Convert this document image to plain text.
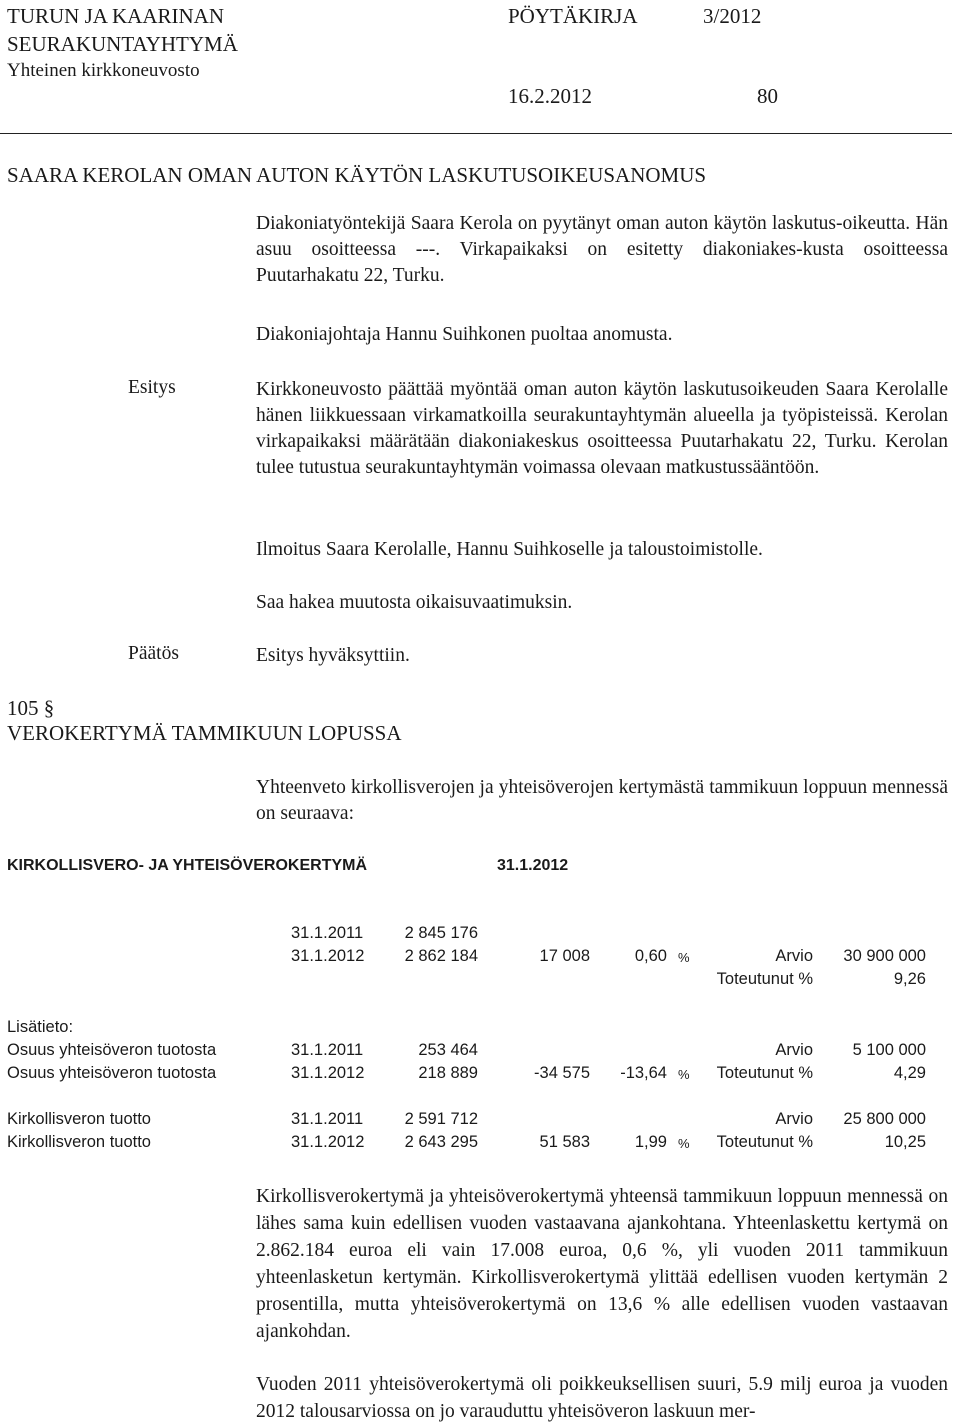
TURUN JA KAARINAN
SEURAKUNTAYHTYMÄ
Yhteinen kirkkoneuvosto
PÖYTÄKIRJA	3/2012
16.2.2012	80
SAARA KEROLAN OMAN AUTON KÄYTÖN LASKUTUSOIKEUSANOMUS
Diakoniatyöntekijä Saara Kerola on pyytänyt oman auton käytön laskutus-oikeutta. Hän asuu osoitteessa ---. Virkapaikaksi on esitetty diakoniakes-kusta osoitteessa Puutarhakatu 22, Turku.
Diakoniajohtaja Hannu Suihkonen puoltaa anomusta.
Esitys	Kirkkoneuvosto päättää myöntää oman auton käytön laskutusoikeuden Saara Kerolalle hänen liikkuessaan virkamatkoilla seurakuntayhtymän alueella ja työpisteissä. Kerolan virkapaikaksi määrätään diakoniakeskus osoitteessa Puutarhakatu 22, Turku. Kerolan tulee tutustua seurakuntayhtymän voimassa olevaan matkustussääntöön.
Ilmoitus Saara Kerolalle, Hannu Suihkoselle ja taloustoimistolle.
Saa hakea muutosta oikaisuvaatimuksin.
Päätös	Esitys hyväksyttiin.
105 §
VEROKERTYMÄ TAMMIKUUN LOPUSSA
Yhteenveto kirkollisverojen ja yhteisöverojen kertymästä tammikuun loppuun mennessä on seuraava:
KIRKOLLISVERO- JA YHTEISÖVEROKERTYMÄ	31.1.2012
31.1.2011	2 845 176
31.1.2012	2 862 184	17 008	0,60 %	Arvio	30 900 000
Toteutunut %	9,26
Lisätieto:
Osuus yhteisöveron tuotosta	31.1.2011	253 464	Arvio	5 100 000
Osuus yhteisöveron tuotosta	31.1.2012	218 889	-34 575	-13,64 %	Toteutunut %	4,29
Kirkollisveron tuotto	31.1.2011	2 591 712	Arvio	25 800 000
Kirkollisveron tuotto	31.1.2012	2 643 295	51 583	1,99 %	Toteutunut %	10,25
Kirkollisverokertymä ja yhteisöverokertymä yhteensä tammikuun loppuun mennessä on lähes sama kuin edellisen vuoden vastaavana ajankohtana. Yhteenlaskettu kertymä on 2.862.184 euroa eli vain 17.008 euroa, 0,6 %, yli vuoden 2011 tammikuun yhteenlasketun kertymän. Kirkollisverokertymä ylittää edellisen vuoden kertymän 2 prosentilla, mutta yhteisöverokertymä on 13,6 % alle edellisen vuoden vastaavan ajankohdan.
Vuoden 2011 yhteisöverokertymä oli poikkeuksellisen suuri, 5.9 milj euroa ja vuoden 2012 talousarviossa on jo varauduttu yhteisöveron laskuun mer-
